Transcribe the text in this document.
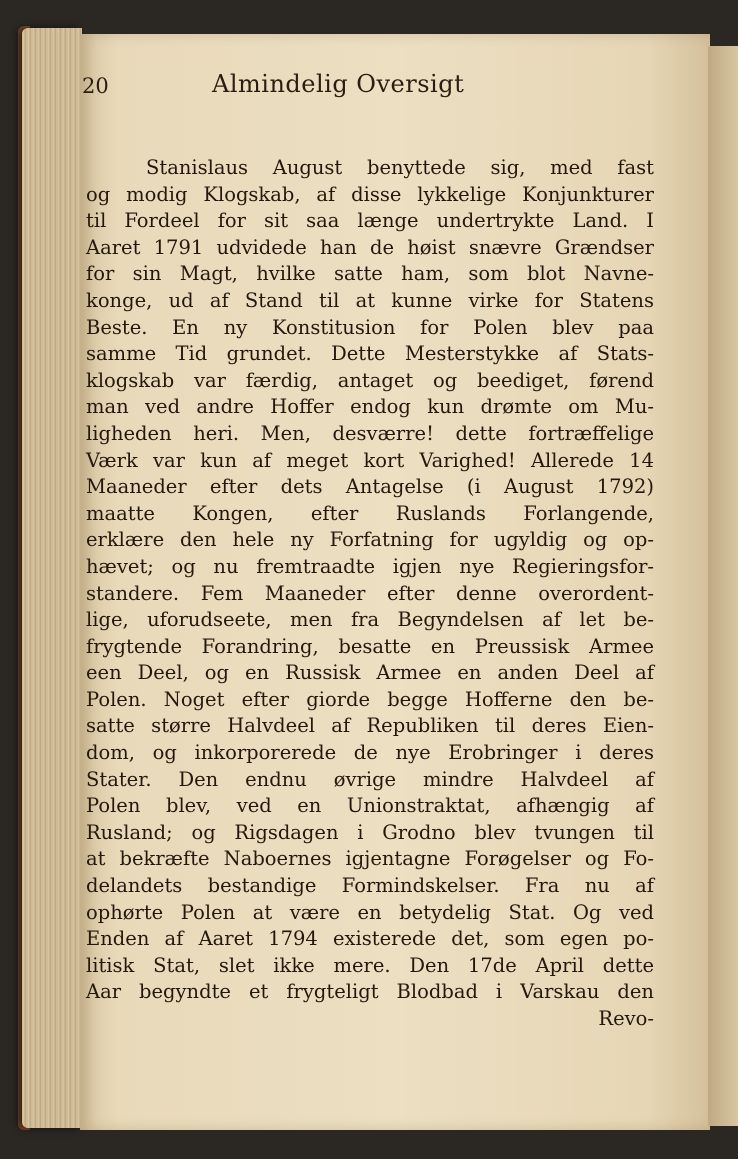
20	Almindelig Oversigt
Stanislaus August benyttede sig, med fast
og modig Klogskab, af disse lykkelige Konjunkturer
til Fordeel for sit saa længe undertrykte Land. I
Aaret 1791 udvidede han de høist snævre Grændser
for sin Magt, hvilke satte ham, som blot Navne-
konge, ud af Stand til at kunne virke for Statens
Beste. En ny Konstitusion for Polen blev paa
samme Tid grundet. Dette Mesterstykke af Stats-
klogskab var færdig, antaget og beediget, førend
man ved andre Hoffer endog kun drømte om Mu-
ligheden heri. Men, desværre! dette fortræffelige
Værk var kun af meget kort Varighed! Allerede 14
Maaneder efter dets Antagelse (i August 1792)
maatte Kongen, efter Ruslands Forlangende,
erklære den hele ny Forfatning for ugyldig og op-
hævet; og nu fremtraadte igjen nye Regieringsfor-
standere. Fem Maaneder efter denne overordent-
lige, uforudseete, men fra Begyndelsen af let be-
frygtende Forandring, besatte en Preussisk Armee
een Deel, og en Russisk Armee en anden Deel af
Polen. Noget efter giorde begge Hofferne den be-
satte større Halvdeel af Republiken til deres Eien-
dom, og inkorporerede de nye Erobringer i deres
Stater. Den endnu øvrige mindre Halvdeel af
Polen blev, ved en Unionstraktat, afhængig af
Rusland; og Rigsdagen i Grodno blev tvungen til
at bekræfte Naboernes igjentagne Forøgelser og Fo-
delandets bestandige Formindskelser. Fra nu af
ophørte Polen at være en betydelig Stat. Og ved
Enden af Aaret 1794 existerede det, som egen po-
litisk Stat, slet ikke mere. Den 17de April dette
Aar begyndte et frygteligt Blodbad i Varskau den
Revo-
